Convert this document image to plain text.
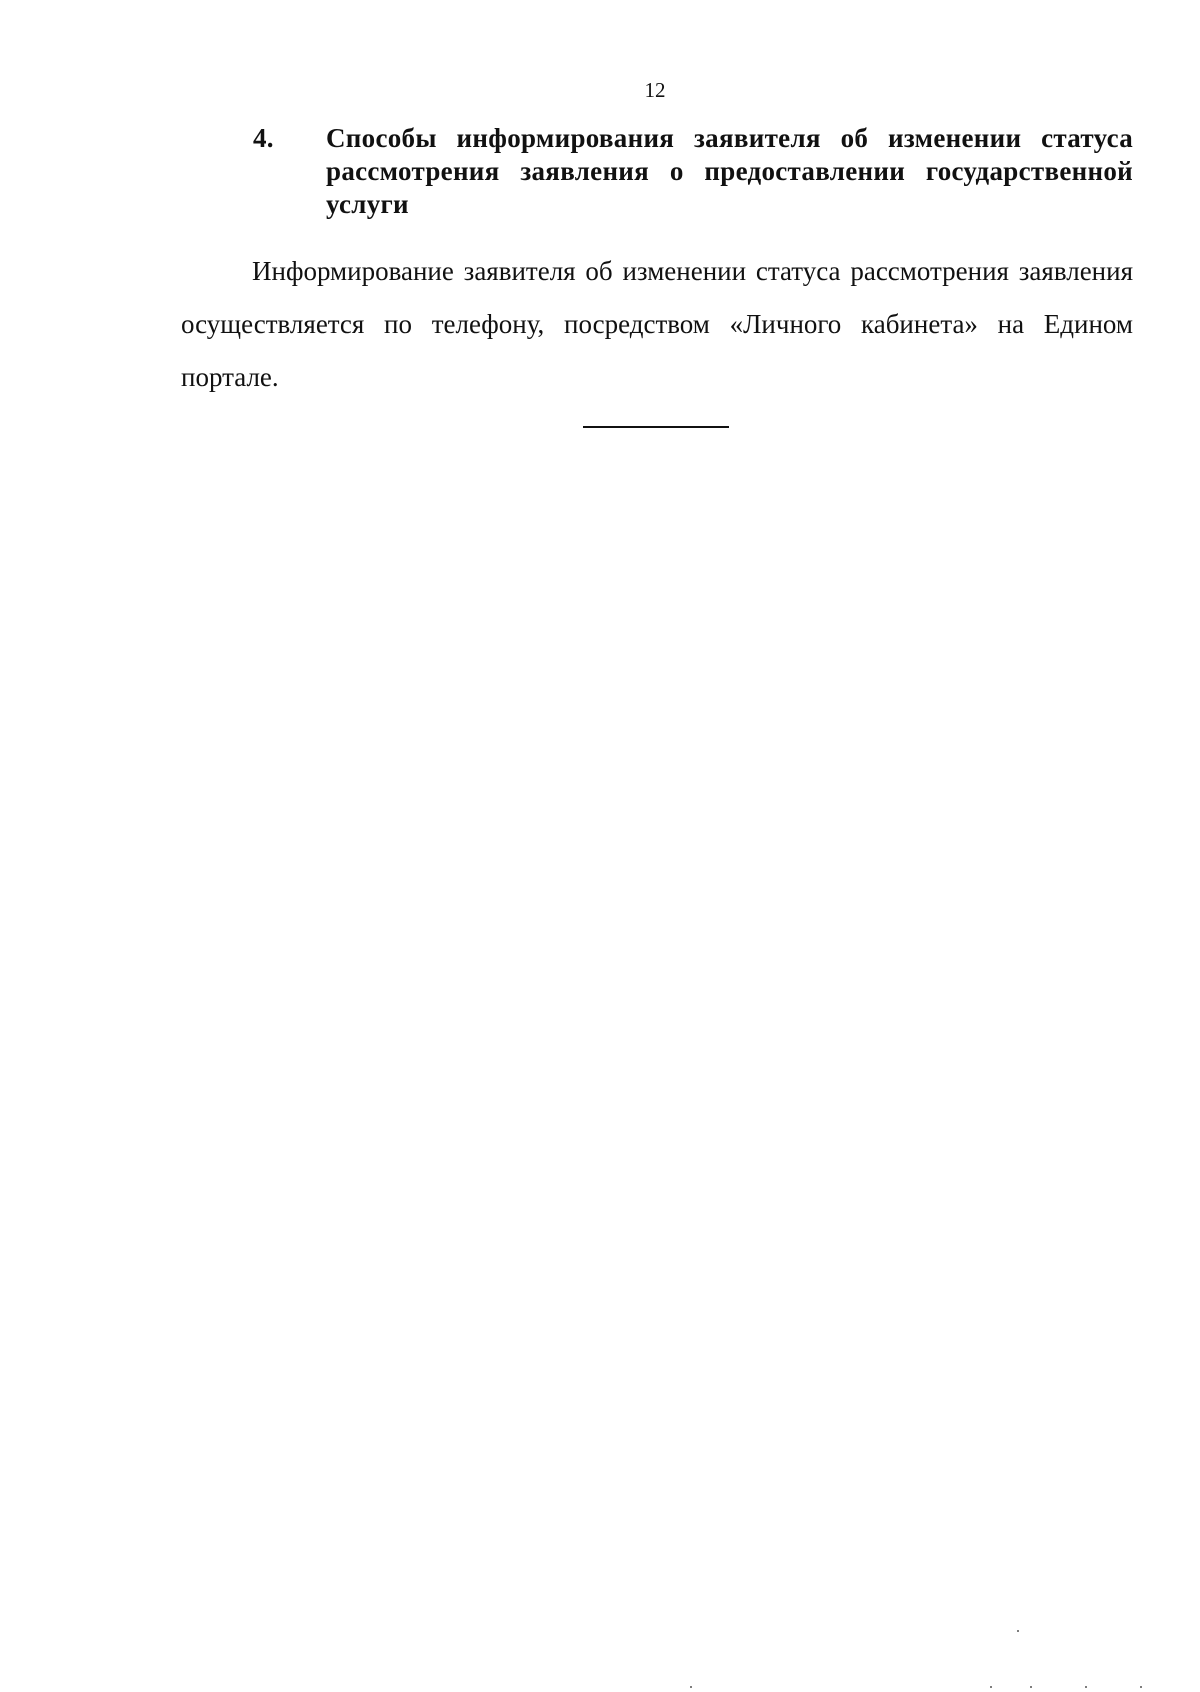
12
4.	Способы информирования заявителя об изменении статуса рассмотрения заявления о предоставлении государственной услуги

Информирование заявителя об изменении статуса рассмотрения заявления осуществляется по телефону, посредством «Личного кабинета» на Едином портале.
